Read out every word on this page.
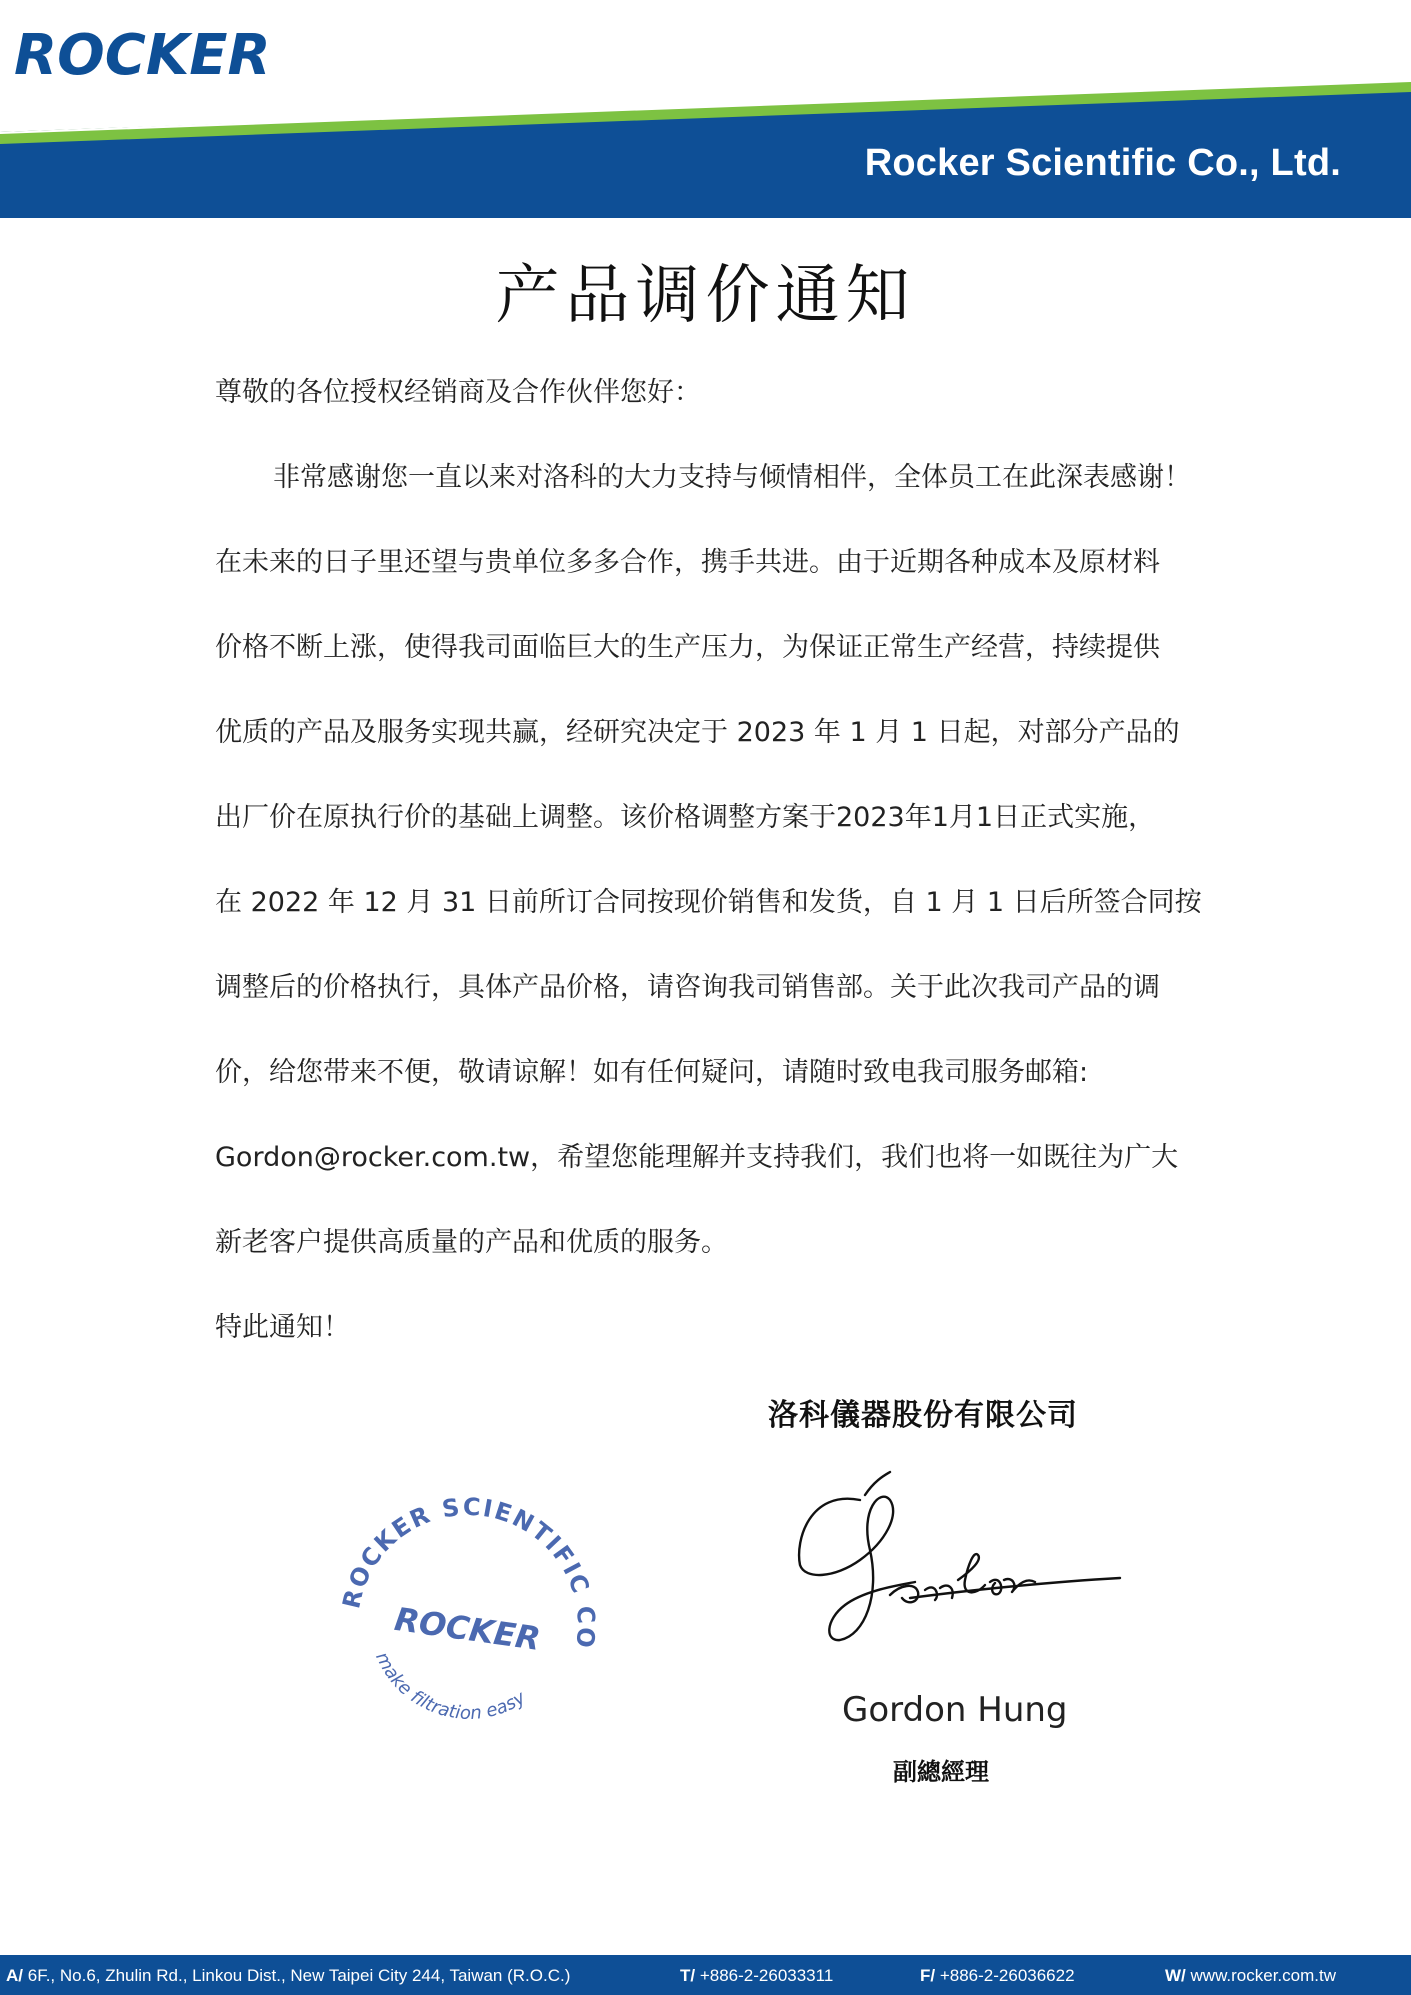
ROCKER
Rocker Scientific Co., Ltd.
产品调价通知
尊敬的各位授权经销商及合作伙伴您好：
非常感谢您一直以来对洛科的大力支持与倾情相伴，全体员工在此深表感谢！
在未来的日子里还望与贵单位多多合作，携手共进。由于近期各种成本及原材料
价格不断上涨，使得我司面临巨大的生产压力，为保证正常生产经营，持续提供
优质的产品及服务实现共赢，经研究决定于 2023 年 1 月 1 日起，对部分产品的
出厂价在原执行价的基础上调整。该价格调整方案于2023年1月1日正式实施，
在 2022 年 12 月 31 日前所订合同按现价销售和发货，自 1 月 1 日后所签合同按
调整后的价格执行，具体产品价格，请咨询我司销售部。关于此次我司产品的调
价，给您带来不便，敬请谅解！如有任何疑问，请随时致电我司服务邮箱:
Gordon@rocker.com.tw，希望您能理解并支持我们，我们也将一如既往为广大
新老客户提供高质量的产品和优质的服务。
特此通知！
洛科儀器股份有限公司
ROCKER SCIENTIFIC CO.,
ROCKER
make filtration easy
Gordon
Gordon Hung
副總經理
A/ 6F., No.6, Zhulin Rd., Linkou Dist., New Taipei City 244, Taiwan (R.O.C.)	T/ +886-2-26033311	F/ +886-2-26036622	W/ www.rocker.com.tw
